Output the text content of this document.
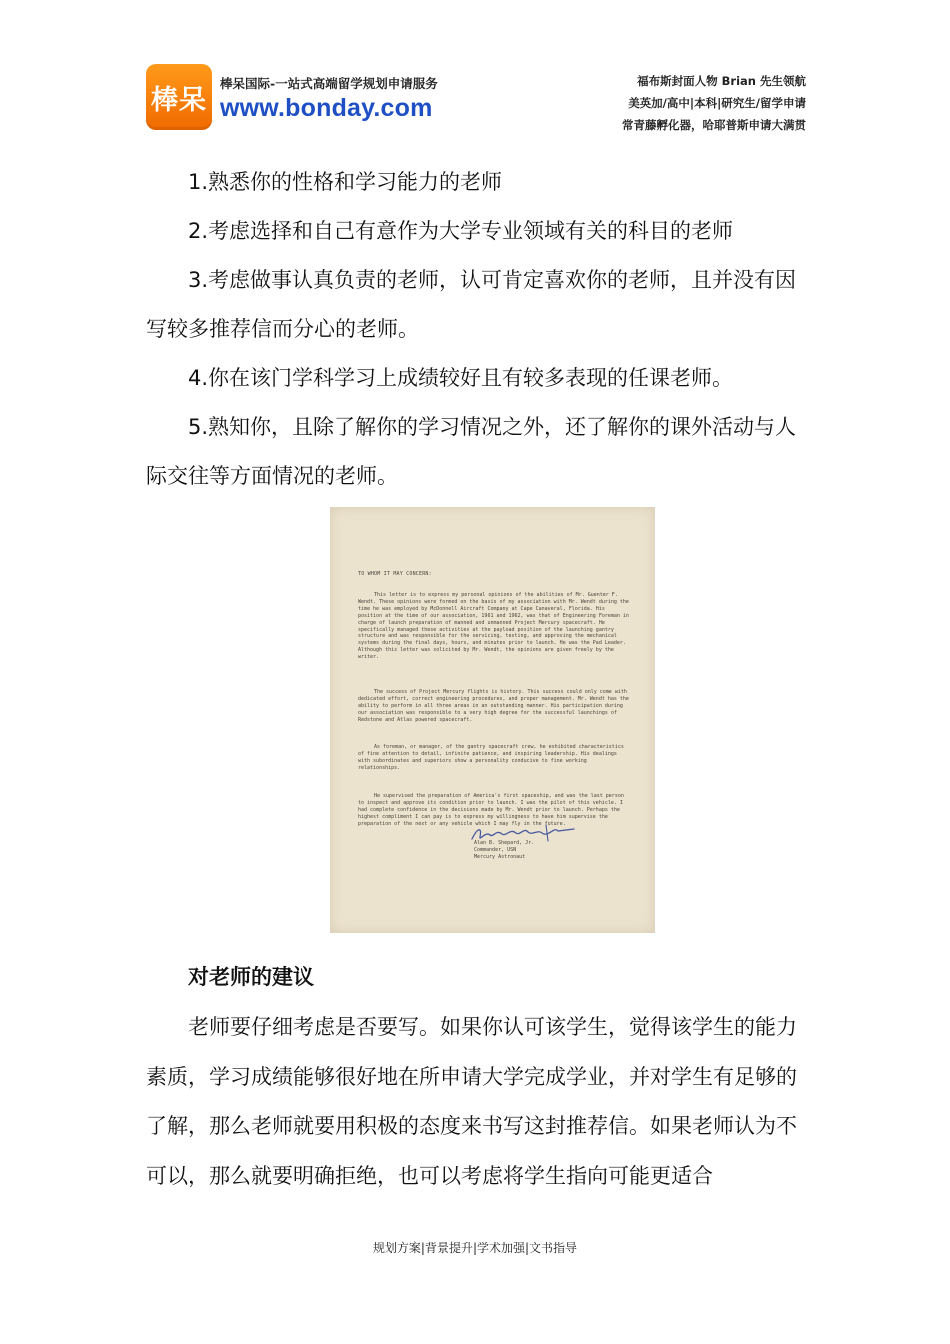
棒呆
棒呆国际-一站式高端留学规划申请服务
www.bonday.com
福布斯封面人物 Brian 先生领航
美英加/高中|本科|研究生/留学申请
常青藤孵化器，哈耶普斯申请大满贯

1.熟悉你的性格和学习能力的老师

2.考虑选择和自己有意作为大学专业领域有关的科目的老师

3.考虑做事认真负责的老师，认可肯定喜欢你的老师，且并没有因写较多推荐信而分心的老师。

4.你在该门学科学习上成绩较好且有较多表现的任课老师。

5.熟知你，且除了解你的学习情况之外，还了解你的课外活动与人际交往等方面情况的老师。

TO WHOM IT MAY CONCERN:

This letter is to express my personal opinions of the abilities of Mr. Guenter F. Wendt. These opinions were formed on the basis of my association with Mr. Wendt during the time he was employed by McDonnell Aircraft Company at Cape Canaveral, Florida. His position at the time of our association, 1961 and 1962, was that of Engineering Foreman in charge of launch preparation of manned and unmanned Project Mercury spacecraft. He specifically managed these activities at the payload position of the launching gantry structure and was responsible for the servicing, testing, and approving the mechanical systems during the final days, hours, and minutes prior to launch. He was the Pad Leader. Although this letter was solicited by Mr. Wendt, the opinions are given freely by the writer.

The success of Project Mercury flights is history. This success could only come with dedicated effort, correct engineering procedures, and proper management. Mr. Wendt has the ability to perform in all three areas in an outstanding manner. His participation during our association was responsible to a very high degree for the successful launchings of Redstone and Atlas powered spacecraft.

As foreman, or manager, of the gantry spacecraft crew, he exhibited characteristics of fine attention to detail, infinite patience, and inspiring leadership. His dealings with subordinates and superiors show a personality conducive to fine working relationships.

He supervised the preparation of America's first spaceship, and was the last person to inspect and approve its condition prior to launch. I was the pilot of this vehicle. I had complete confidence in the decisions made by Mr. Wendt prior to launch. Perhaps the highest compliment I can pay is to express my willingness to have him supervise the preparation of the next or any vehicle which I may fly in the future.

Alan B. Shepard, Jr.
Commander, USN
Mercury Astronaut
对老师的建议

老师要仔细考虑是否要写。如果你认可该学生，觉得该学生的能力素质，学习成绩能够很好地在所申请大学完成学业，并对学生有足够的了解，那么老师就要用积极的态度来书写这封推荐信。如果老师认为不可以，那么就要明确拒绝，也可以考虑将学生指向可能更适合

规划方案|背景提升|学术加强|文书指导
